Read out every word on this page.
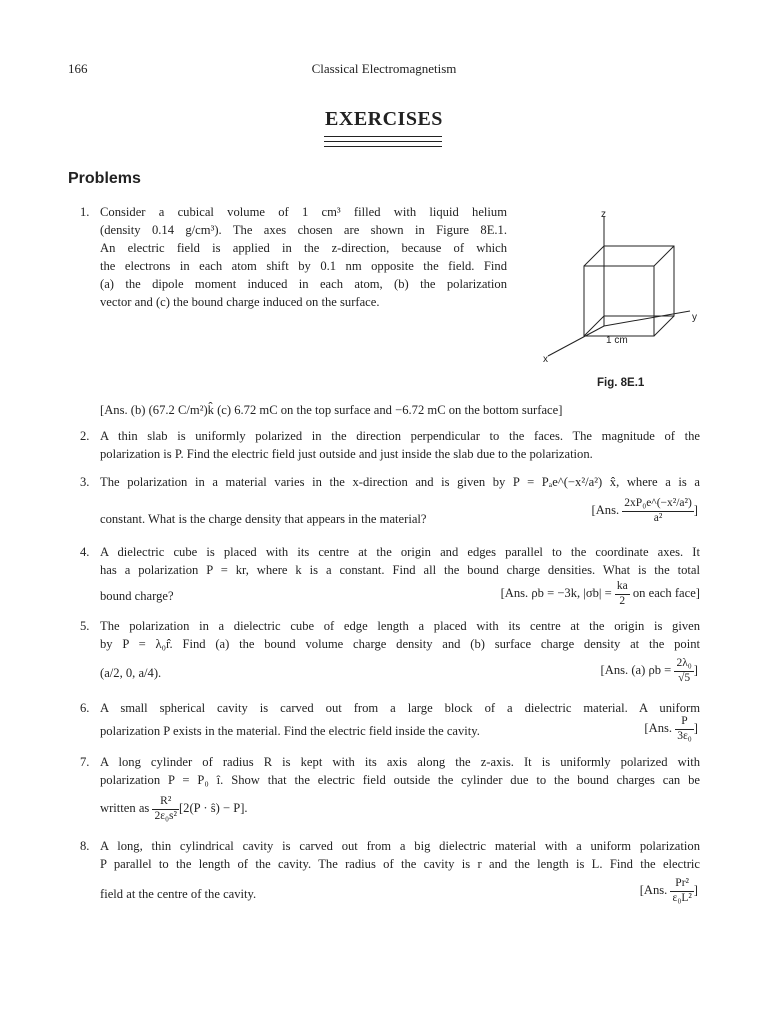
166	Classical Electromagnetism
EXERCISES
Problems
1. Consider a cubical volume of 1 cm³ filled with liquid helium
(density 0.14 g/cm³). The axes chosen are shown in Figure 8E.1.
An electric field is applied in the z-direction, because of which
the electrons in each atom shift by 0.1 nm opposite the field. Find
(a) the dipole moment induced in each atom, (b) the polarization
vector and (c) the bound charge induced on the surface.
z
y
x
1 cm
Fig. 8E.1
[Ans. (b) (67.2 C/m²)k̂ (c) 6.72 mC on the top surface and −6.72 mC on the bottom surface]
2. A thin slab is uniformly polarized in the direction perpendicular to the faces. The magnitude of the
polarization is P. Find the electric field just outside and just inside the slab due to the polarization.
3. The polarization in a material varies in the x-direction and is given by P = Pₐe^(−x²/a²) x̂, where a is a
constant. What is the charge density that appears in the material?
[Ans. $\frac{\text{2xP₀e\textasciicircum{}(−x²/a²)}}{\text{a²}}$ ]
4. A dielectric cube is placed with its centre at the origin and edges parallel to the coordinate axes. It
has a polarization P = kr, where k is a constant. Find all the bound charge densities. What is the total
bound charge?	[Ans. ρb = −3k, $|\sigma b| = \frac{ka}{2}$ on each face]
5. The polarization in a dielectric cube of edge length a placed with its centre at the origin is given
by P = λ₀r̂. Find (a) the bound volume charge density and (b) surface charge density at the point
(a/2, 0, a/4).	[Ans. (a) $\rho b = \frac{\text{2λ₀}}{√5}$ ]
6. A small spherical cavity is carved out from a large block of a dielectric material. A uniform
polarization P exists in the material. Find the electric field inside the cavity.	[Ans. $\frac{P}{\text{3ε₀}}$ ]
7. A long cylinder of radius R is kept with its axis along the z-axis. It is uniformly polarized with
polarization P = P₀ î. Show that the electric field outside the cylinder due to the bound charges can be
written as $\frac{\text{R²}}{\text{2ε₀s²}} [2(P$ · ŝ) − P].
8. A long, thin cylindrical cavity is carved out from a big dielectric material with a uniform polarization
P parallel to the length of the cavity. The radius of the cavity is r and the length is L. Find the electric
field at the centre of the cavity.	[Ans. $\frac{\text{Pr²}}{\text{ε₀L²}}$ ]
